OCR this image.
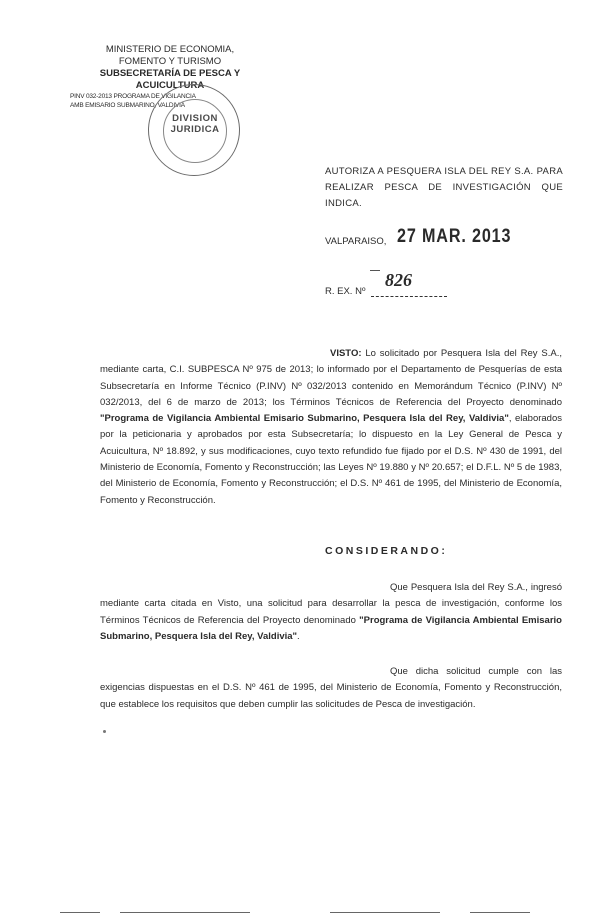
MINISTERIO DE ECONOMIA,
FOMENTO Y TURISMO
SUBSECRETARÍA DE PESCA Y ACUICULTURA
PINV 032-2013 PROGRAMA DE VIGILANCIA
AMB EMISARIO SUBMARINO, VALDIVIA
DIVISION
JURIDICA
AUTORIZA A PESQUERA ISLA DEL REY S.A. PARA REALIZAR PESCA DE INVESTIGACIÓN QUE INDICA.
VALPARAISO, 27 MAR. 2013
826
R. EX. Nº
VISTO: Lo solicitado por Pesquera Isla del Rey S.A., mediante carta, C.I. SUBPESCA Nº 975 de 2013; lo informado por el Departamento de Pesquerías de esta Subsecretaría en Informe Técnico (P.INV) Nº 032/2013 contenido en Memorándum Técnico (P.INV) Nº 032/2013, del 6 de marzo de 2013; los Términos Técnicos de Referencia del Proyecto denominado "Programa de Vigilancia Ambiental Emisario Submarino, Pesquera Isla del Rey, Valdivia", elaborados por la peticionaria y aprobados por esta Subsecretaría; lo dispuesto en la Ley General de Pesca y Acuicultura, Nº 18.892, y sus modificaciones, cuyo texto refundido fue fijado por el D.S. Nº 430 de 1991, del Ministerio de Economía, Fomento y Reconstrucción; las Leyes Nº 19.880 y Nº 20.657; el D.F.L. Nº 5 de 1983, del Ministerio de Economía, Fomento y Reconstrucción; el D.S. Nº 461 de 1995, del Ministerio de Economía, Fomento y Reconstrucción.
CONSIDERANDO:
Que Pesquera Isla del Rey S.A., ingresó mediante carta citada en Visto, una solicitud para desarrollar la pesca de investigación, conforme los Términos Técnicos de Referencia del Proyecto denominado "Programa de Vigilancia Ambiental Emisario Submarino, Pesquera Isla del Rey, Valdivia".
Que dicha solicitud cumple con las exigencias dispuestas en el D.S. Nº 461 de 1995, del Ministerio de Economía, Fomento y Reconstrucción, que establece los requisitos que deben cumplir las solicitudes de Pesca de investigación.
